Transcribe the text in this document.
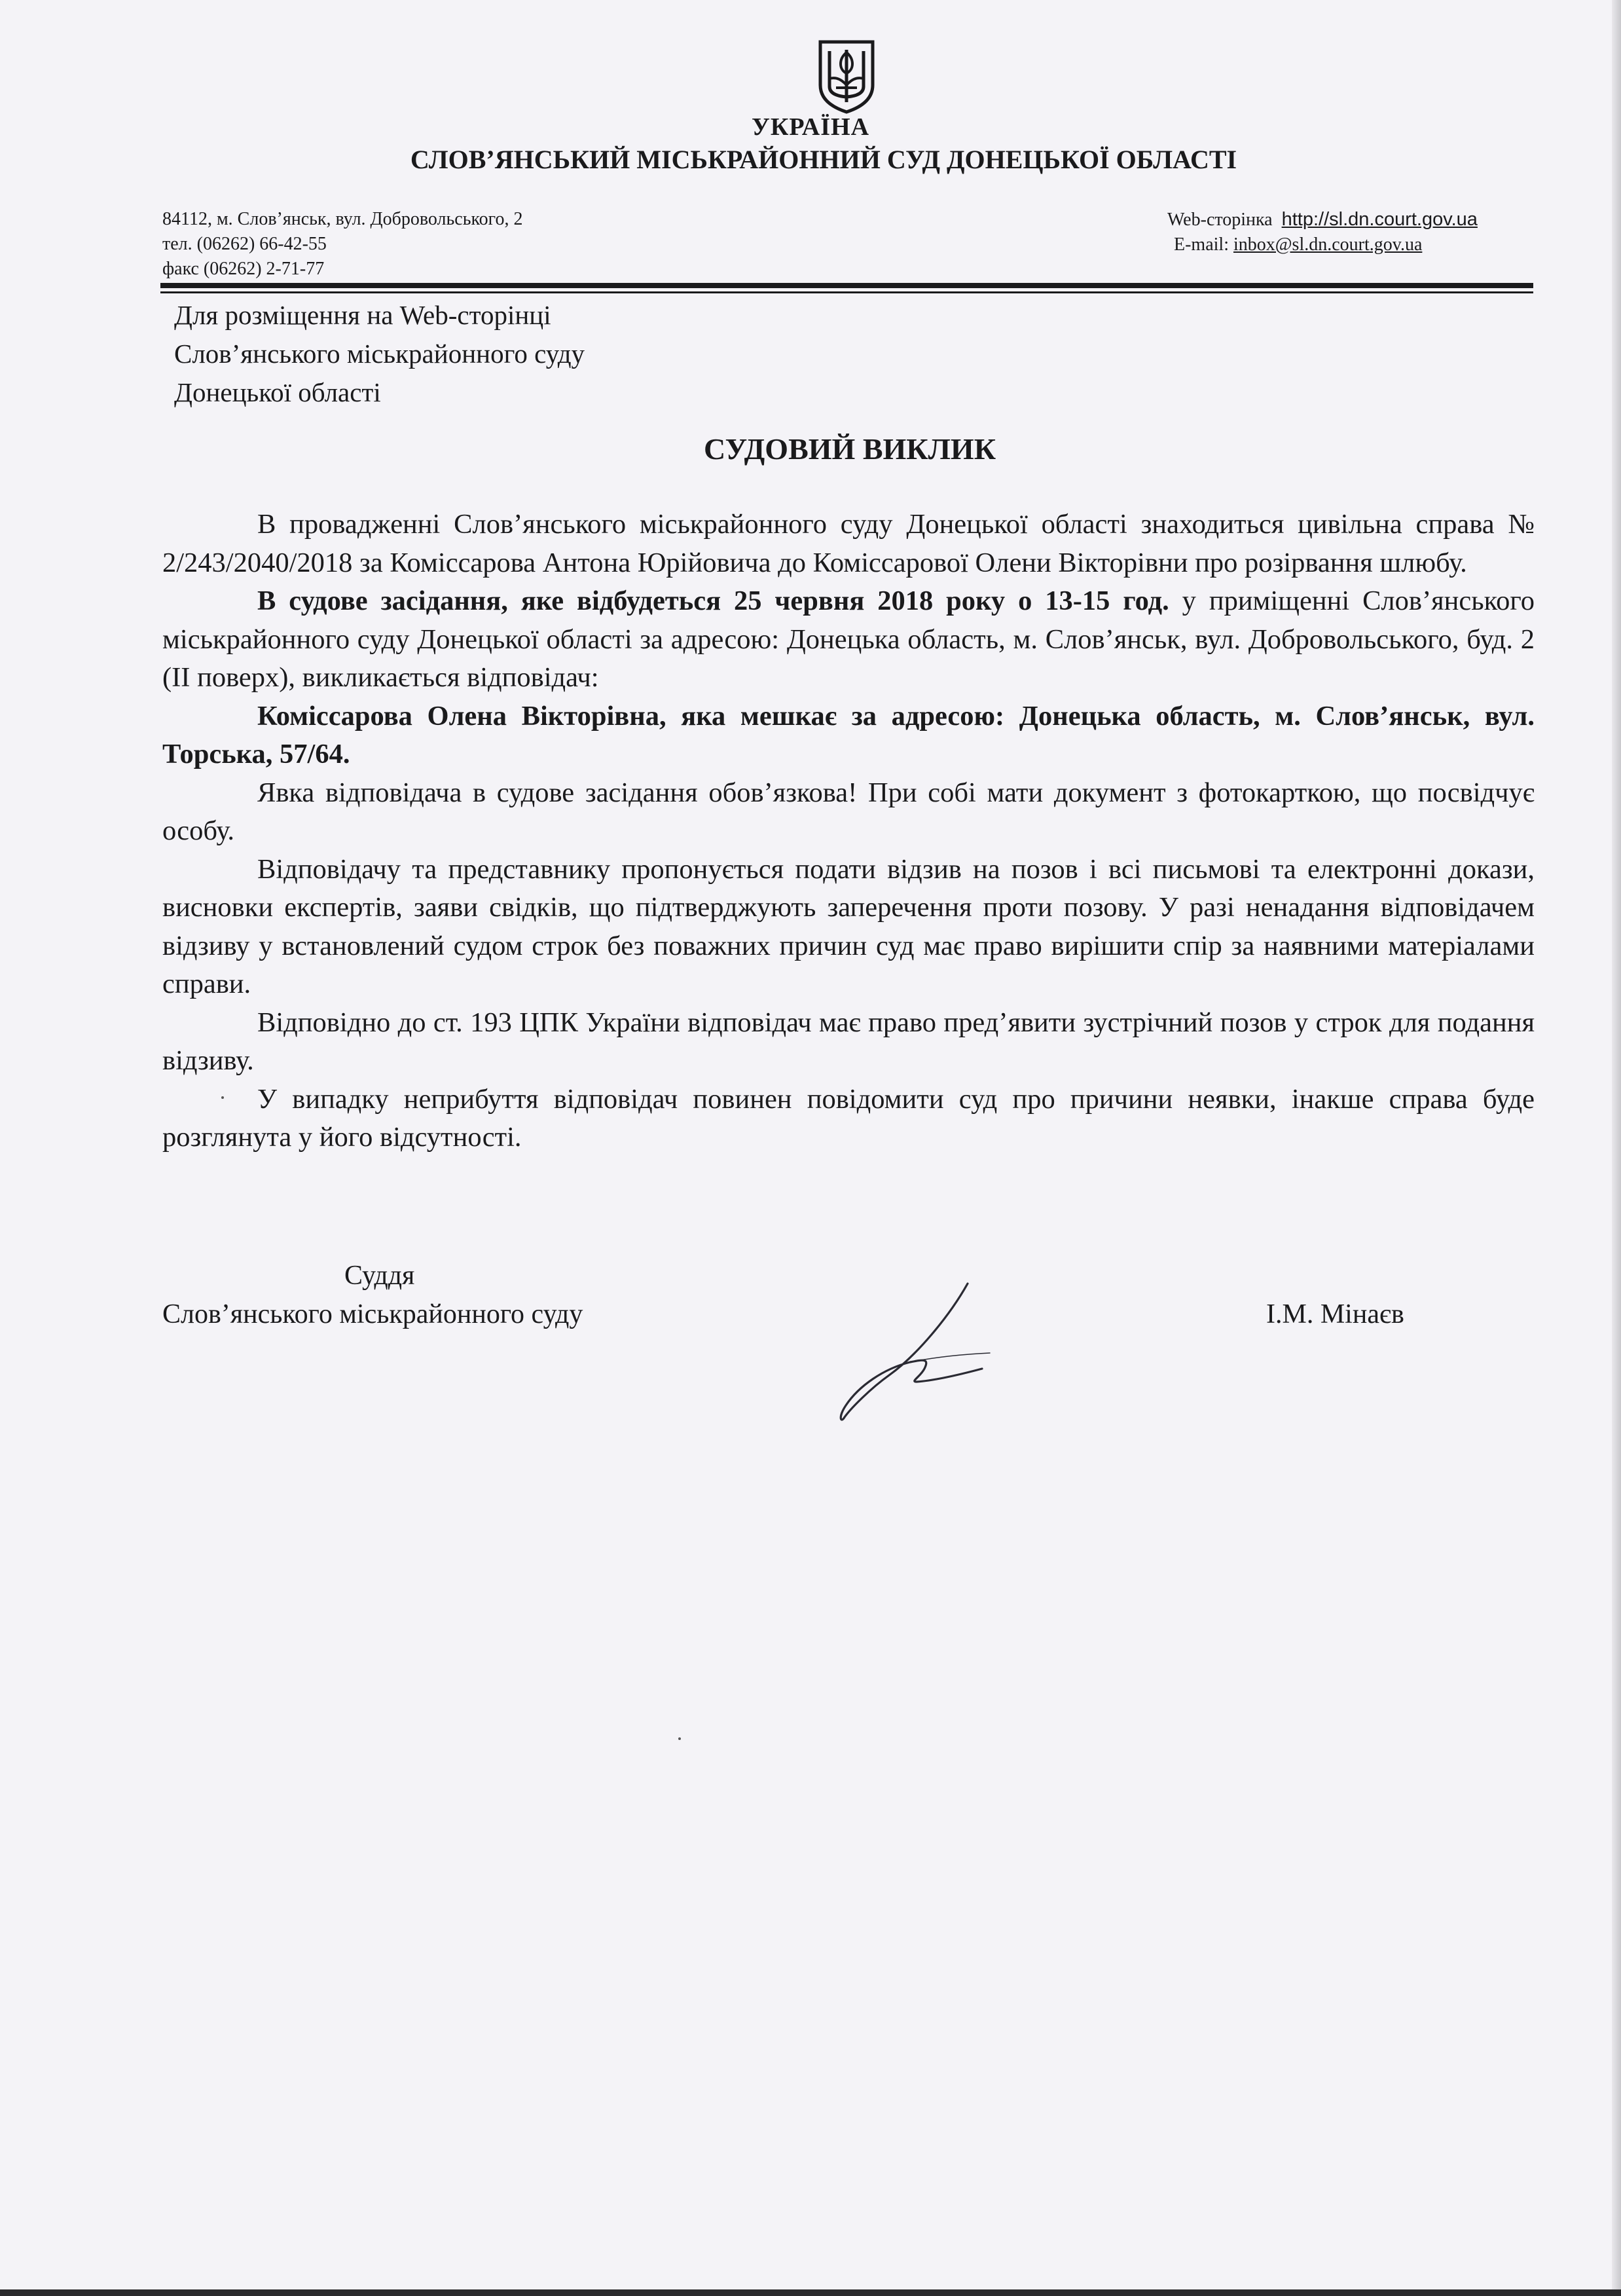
УКРАЇНА
СЛОВ’ЯНСЬКИЙ МІСЬКРАЙОННИЙ СУД ДОНЕЦЬКОЇ ОБЛАСТІ
84112, м. Слов’янськ, вул. Добровольського, 2
тел. (06262) 66-42-55
факс (06262) 2-71-77
Web-сторінка http://sl.dn.court.gov.ua
E-mail: inbox@sl.dn.court.gov.ua
Для розміщення на Web-сторінці
Слов’янського міськрайонного суду
Донецької області
СУДОВИЙ ВИКЛИК

В провадженні Слов’янського міськрайонного суду Донецької області знаходиться цивільна справа № 2/243/2040/2018 за Комісcарова Антона Юрійовича до Комісcарової Олени Вікторівни про розірвання шлюбу.

В судове засідання, яке відбудеться 25 червня 2018 року о 13-15 год. у приміщенні Слов’янського міськрайонного суду Донецької області за адресою: Донецька область, м. Слов’янськ, вул. Добровольського, буд. 2 (ІІ поверх), викликається відповідач:

Комісcарова Олена Вікторівна, яка мешкає за адресою: Донецька область, м. Слов’янськ, вул. Торська, 57/64.

Явка відповідача в судове засідання обов’язкова! При собі мати документ з фотокарткою, що посвідчує особу.

Відповідачу та представнику пропонується подати відзив на позов і всі письмові та електронні докази, висновки експертів, заяви свідків, що підтверджують заперечення проти позову. У разі ненадання відповідачем відзиву у встановлений судом строк без поважних причин суд має право вирішити спір за наявними матеріалами справи.

Відповідно до ст. 193 ЦПК України відповідач має право пред’явити зустрічний позов у строк для подання відзиву.

У випадку неприбуття відповідач повинен повідомити суд про причини неявки, інакше справа буде розглянута у його відсутності.

Суддя
Слов’янського міськрайонного суду	І.М. Мінаєв
